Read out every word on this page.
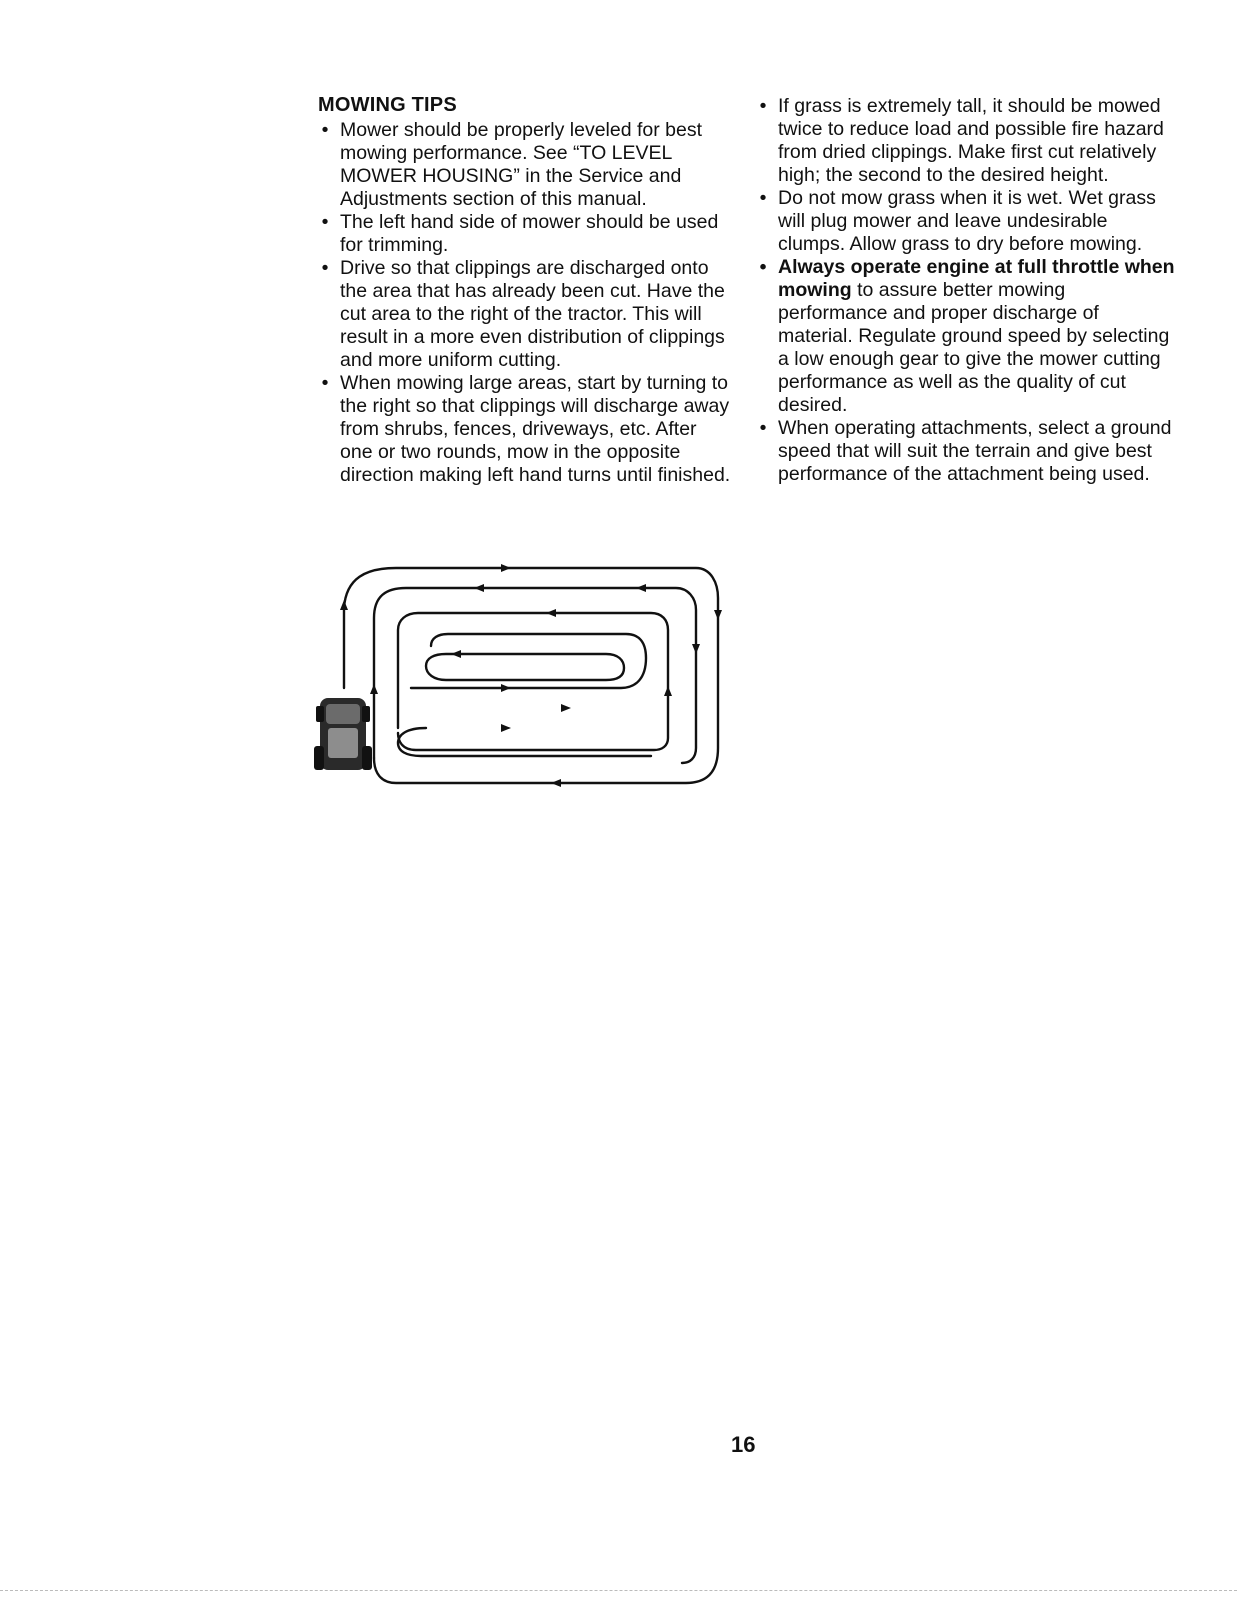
MOWING TIPS
• Mower should be properly leveled for best mowing performance. See “TO LEVEL MOWER HOUSING” in the Service and Adjustments section of this manual.
• The left hand side of mower should be used for trimming.
• Drive so that clippings are discharged onto the area that has already been cut. Have the cut area to the right of the tractor. This will result in a more even distribution of clippings and more uniform cutting.
• When mowing large areas, start by turning to the right so that clippings will discharge away from shrubs, fences, driveways, etc. After one or two rounds, mow in the opposite direction making left hand turns until finished.
• If grass is extremely tall, it should be mowed twice to reduce load and possible fire hazard from dried clippings. Make first cut relatively high; the second to the desired height.
• Do not mow grass when it is wet. Wet grass will plug mower and leave undesirable clumps. Allow grass to dry before mowing.
• Always operate engine at full throttle when mowing to assure better mowing performance and proper discharge of material. Regulate ground speed by selecting a low enough gear to give the mower cutting performance as well as the quality of cut desired.
• When operating attachments, select a ground speed that will suit the terrain and give best performance of the attachment being used.
16
